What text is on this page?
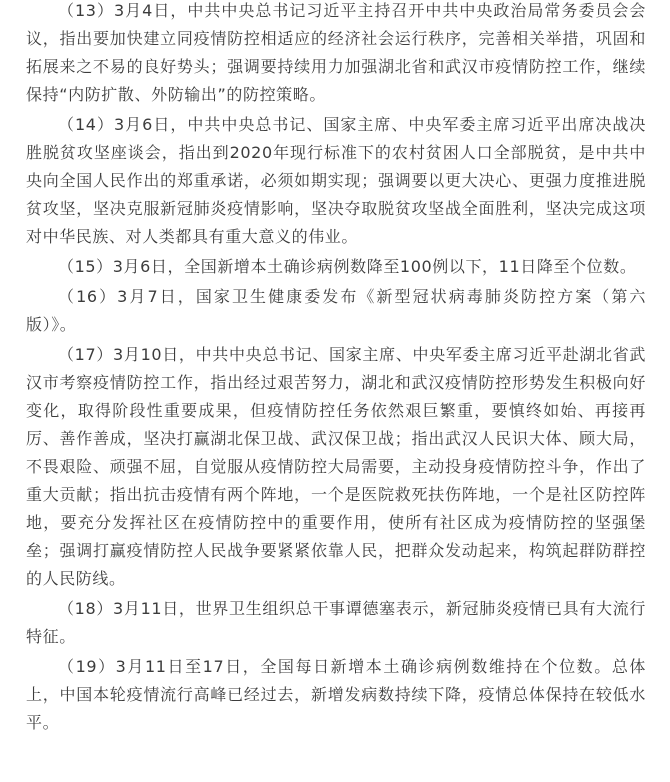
（13）3月4日，中共中央总书记习近平主持召开中共中央政治局常务委员会会议，指出要加快建立同疫情防控相适应的经济社会运行秩序，完善相关举措，巩固和拓展来之不易的良好势头；强调要持续用力加强湖北省和武汉市疫情防控工作，继续保持“内防扩散、外防输出”的防控策略。

（14）3月6日，中共中央总书记、国家主席、中央军委主席习近平出席决战决胜脱贫攻坚座谈会，指出到2020年现行标准下的农村贫困人口全部脱贫，是中共中央向全国人民作出的郑重承诺，必须如期实现；强调要以更大决心、更强力度推进脱贫攻坚，坚决克服新冠肺炎疫情影响，坚决夺取脱贫攻坚战全面胜利，坚决完成这项对中华民族、对人类都具有重大意义的伟业。

（15）3月6日，全国新增本土确诊病例数降至100例以下，11日降至个位数。

（16）3月7日，国家卫生健康委发布《新型冠状病毒肺炎防控方案（第六版）》。

（17）3月10日，中共中央总书记、国家主席、中央军委主席习近平赴湖北省武汉市考察疫情防控工作，指出经过艰苦努力，湖北和武汉疫情防控形势发生积极向好变化，取得阶段性重要成果，但疫情防控任务依然艰巨繁重，要慎终如始、再接再厉、善作善成，坚决打赢湖北保卫战、武汉保卫战；指出武汉人民识大体、顾大局，不畏艰险、顽强不屈，自觉服从疫情防控大局需要，主动投身疫情防控斗争，作出了重大贡献；指出抗击疫情有两个阵地，一个是医院救死扶伤阵地，一个是社区防控阵地，要充分发挥社区在疫情防控中的重要作用，使所有社区成为疫情防控的坚强堡垒；强调打赢疫情防控人民战争要紧紧依靠人民，把群众发动起来，构筑起群防群控的人民防线。

（18）3月11日，世界卫生组织总干事谭德塞表示，新冠肺炎疫情已具有大流行特征。

（19）3月11日至17日，全国每日新增本土确诊病例数维持在个位数。总体上，中国本轮疫情流行高峰已经过去，新增发病数持续下降，疫情总体保持在较低水平。
